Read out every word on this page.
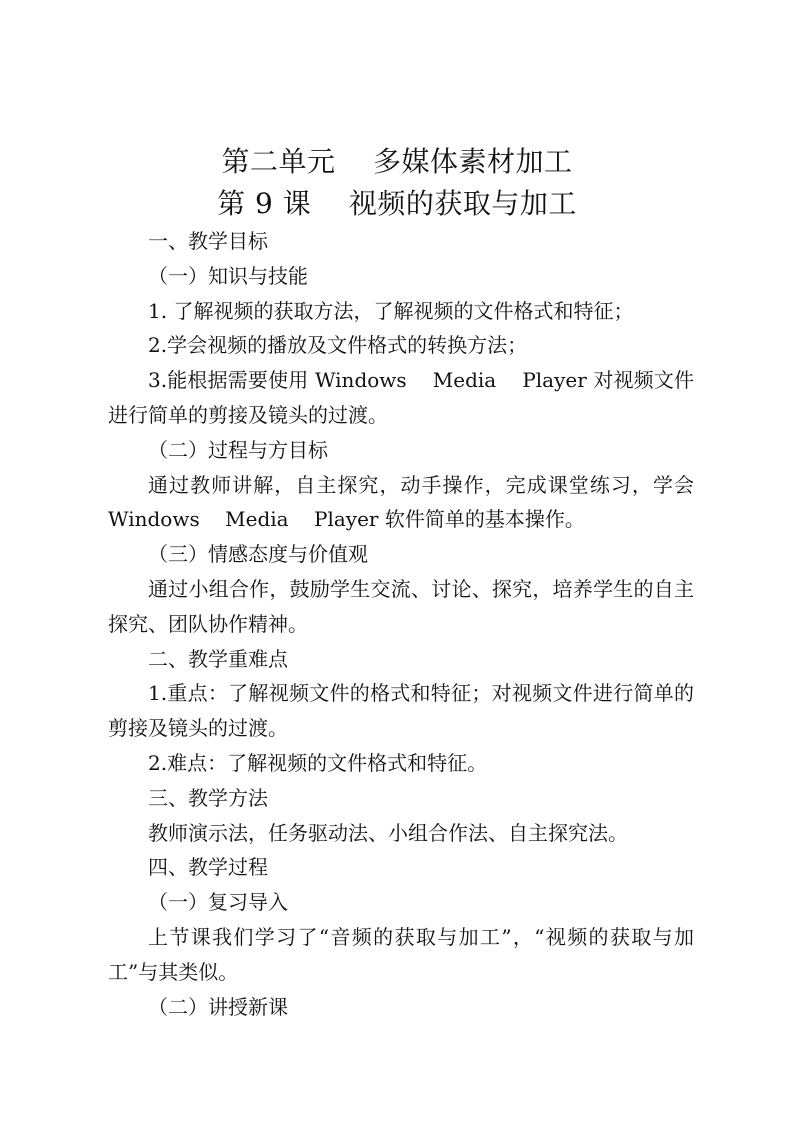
第二单元    多媒体素材加工
第 9 课    视频的获取与加工

一、教学目标

（一）知识与技能

1. 了解视频的获取方法，了解视频的文件格式和特征；

2.学会视频的播放及文件格式的转换方法；

3.能根据需要使用 Windows    Media    Player 对视频文件进行简单的剪接及镜头的过渡。

（二）过程与方目标

通过教师讲解，自主探究，动手操作，完成课堂练习，学会 Windows    Media    Player 软件简单的基本操作。

（三）情感态度与价值观

通过小组合作，鼓励学生交流、讨论、探究，培养学生的自主探究、团队协作精神。

二、教学重难点

1.重点：了解视频文件的格式和特征；对视频文件进行简单的剪接及镜头的过渡。

2.难点：了解视频的文件格式和特征。

三、教学方法

教师演示法，任务驱动法、小组合作法、自主探究法。

四、教学过程

（一）复习导入

上节课我们学习了“音频的获取与加工”，“视频的获取与加工”与其类似。

（二）讲授新课
